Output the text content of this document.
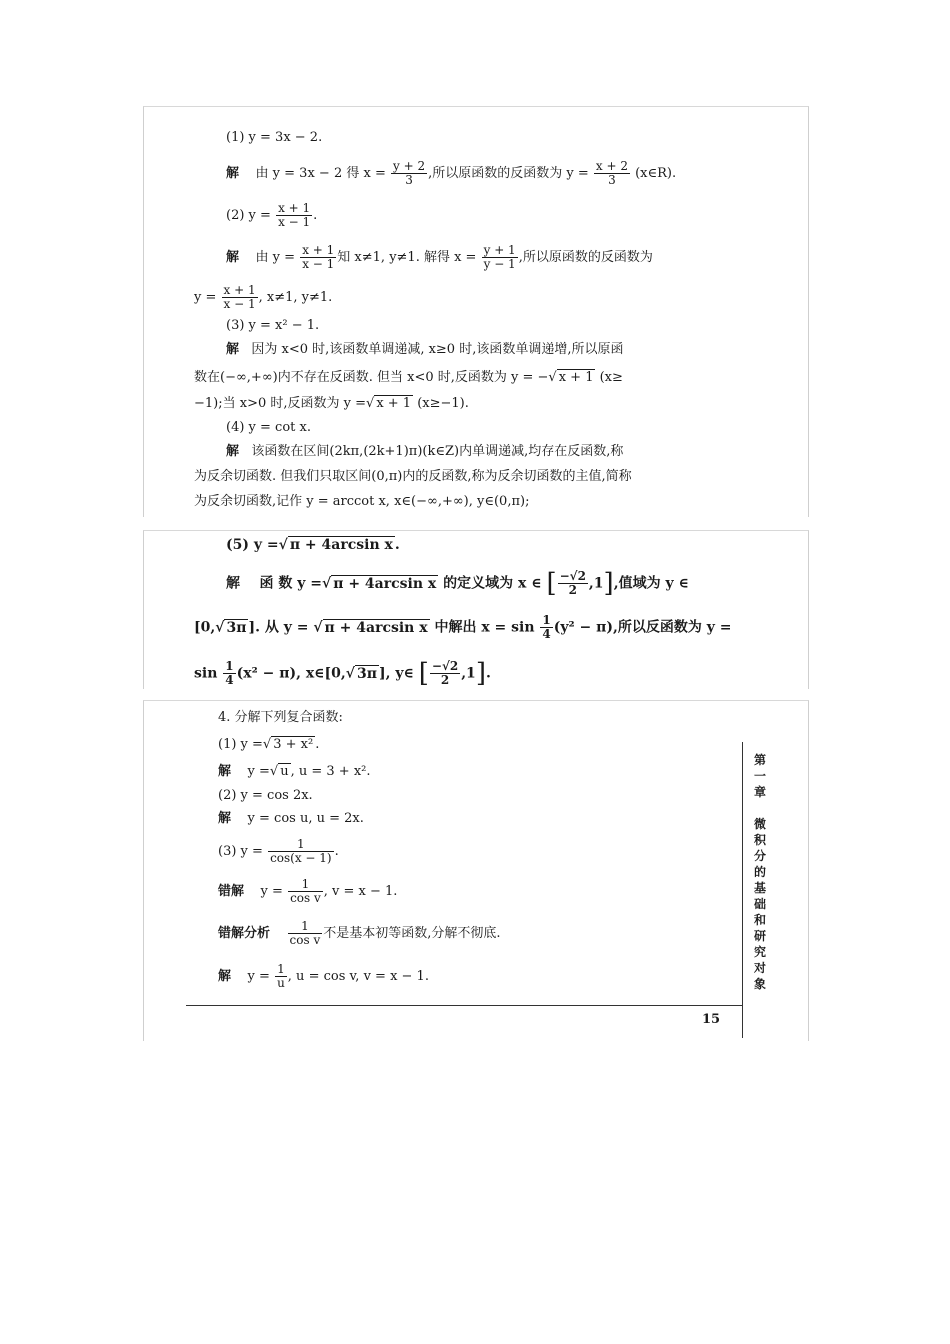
(1) y = 3x − 2.
解 由 y = 3x − 2 得 $x = \frac{y + 2}{3}$ ,所以原函数的反函数为 $y = \frac{x + 2}{3}$ (x∈R).
(2) $y = \frac{x + 1}{x - 1}$ .
解 由 $y = \frac{x + 1}{x - 1}$ 知 x≠1, y≠1. 解得 $x = \frac{y + 1}{y - 1}$ ,所以原函数的反函数为
$y = \frac{x + 1}{x - 1}$ , x≠1, y≠1.
(3) y = x² − 1.
解 因为 x<0 时,该函数单调递减, x≥0 时,该函数单调递增,所以原函
数在(−∞,+∞)内不存在反函数. 但当 x<0 时,反函数为 y = −√ x + 1 (x≥
−1);当 x>0 时,反函数为 y =√ x + 1 (x≥−1).
(4) y = cot x.
解 该函数在区间(2kπ,(2k+1)π)(k∈Z)内单调递减,均存在反函数,称
为反余切函数. 但我们只取区间(0,π)内的反函数,称为反余切函数的主值,简称
为反余切函数,记作 y = arccot x, x∈(−∞,+∞), y∈(0,π);
(5) y =√ π + 4arcsin x .
解 函 数 y =√ π + 4arcsin x 的定义域为 x ∈ [ $\frac{-√2}{2} ,1$],值域为 y ∈
[0,√ 3π ]. 从 y = √ π + 4arcsin x 中解出 $x = \sin \frac{1}{4} (y^2 - \pi)$,所以反函数为 y =
$\sin \frac{1}{4} (x^2 - \pi)$, x∈[0,√ 3π ], y∈ [ $\frac{-√2}{2} ,1$].
4. 分解下列复合函数:
(1) y =√ 3 + x² .
解 y =√ u , u = 3 + x².
(2) y = cos 2x.
解 y = cos u, u = 2x.
(3) $y = \frac{1}{\cos(x - 1)}$ .
错解 $y = \frac{1}{\text{cos v}}$ , v = x − 1.
错解分析 $\frac{1}{\text{cos v}}$ 不是基本初等函数,分解不彻底.
解 $y = \frac{1}{u}$ , u = cos v, v = x − 1.
第
一
章

微
积
分
的
基
础
和
研
究
对
象
15
